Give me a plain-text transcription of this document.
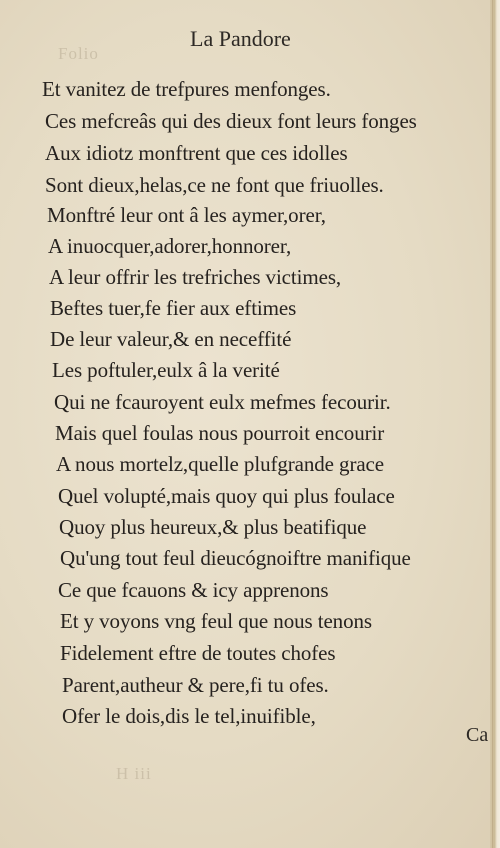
Folio
H iii
La Pandore

Et vanitez de trefpures menfonges.

Ces mefcreâs qui des dieux font leurs fonges

Aux idiotz monftrent que ces idolles

Sont dieux,helas,ce ne font que friuolles.

Monftré leur ont â les aymer,orer,

A inuocquer,adorer,honnorer,

A leur offrir les trefriches victimes,

Beftes tuer,fe fier aux eftimes

De leur valeur,& en neceffité

Les poftuler,eulx â la verité

Qui ne fcauroyent eulx mefmes fecourir.

Mais quel foulas nous pourroit encourir

A nous mortelz,quelle plufgrande grace

Quel volupté,mais quoy qui plus foulace

Quoy plus heureux,& plus beatifique

Qu'ung tout feul dieucógnoiftre manifique

Ce que fcauons & icy apprenons

Et y voyons vng feul que nous tenons

Fidelement eftre de toutes chofes

Parent,autheur & pere,fi tu ofes.

Ofer le dois,dis le tel,inuifible,

Ca
